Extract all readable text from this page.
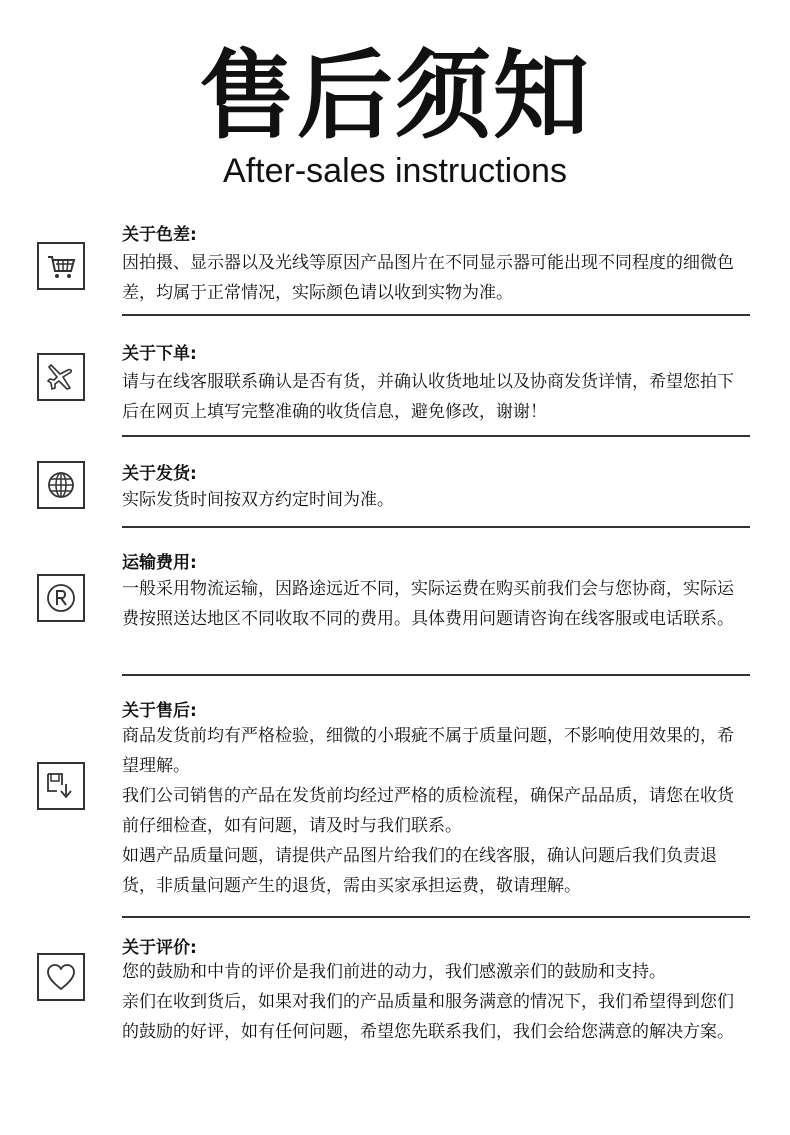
售后须知
After-sales instructions
关于色差:

因拍摄、显示器以及光线等原因产品图片在不同显示器可能出现不同程度的细微色差，均属于正常情况，实际颜色请以收到实物为准。

关于下单:

请与在线客服联系确认是否有货，并确认收货地址以及协商发货详情，希望您拍下后在网页上填写完整准确的收货信息，避免修改，谢谢！

关于发货:

实际发货时间按双方约定时间为准。

运输费用:

一般采用物流运输，因路途远近不同，实际运费在购买前我们会与您协商，实际运费按照送达地区不同收取不同的费用。具体费用问题请咨询在线客服或电话联系。

关于售后:

商品发货前均有严格检验，细微的小瑕疵不属于质量问题，不影响使用效果的，希望理解。

我们公司销售的产品在发货前均经过严格的质检流程，确保产品品质，请您在收货前仔细检查，如有问题，请及时与我们联系。

如遇产品质量问题，请提供产品图片给我们的在线客服，确认问题后我们负责退货，非质量问题产生的退货，需由买家承担运费，敬请理解。

关于评价:

您的鼓励和中肯的评价是我们前进的动力，我们感激亲们的鼓励和支持。

亲们在收到货后，如果对我们的产品质量和服务满意的情况下，我们希望得到您们的鼓励的好评，如有任何问题，希望您先联系我们，我们会给您满意的解决方案。
